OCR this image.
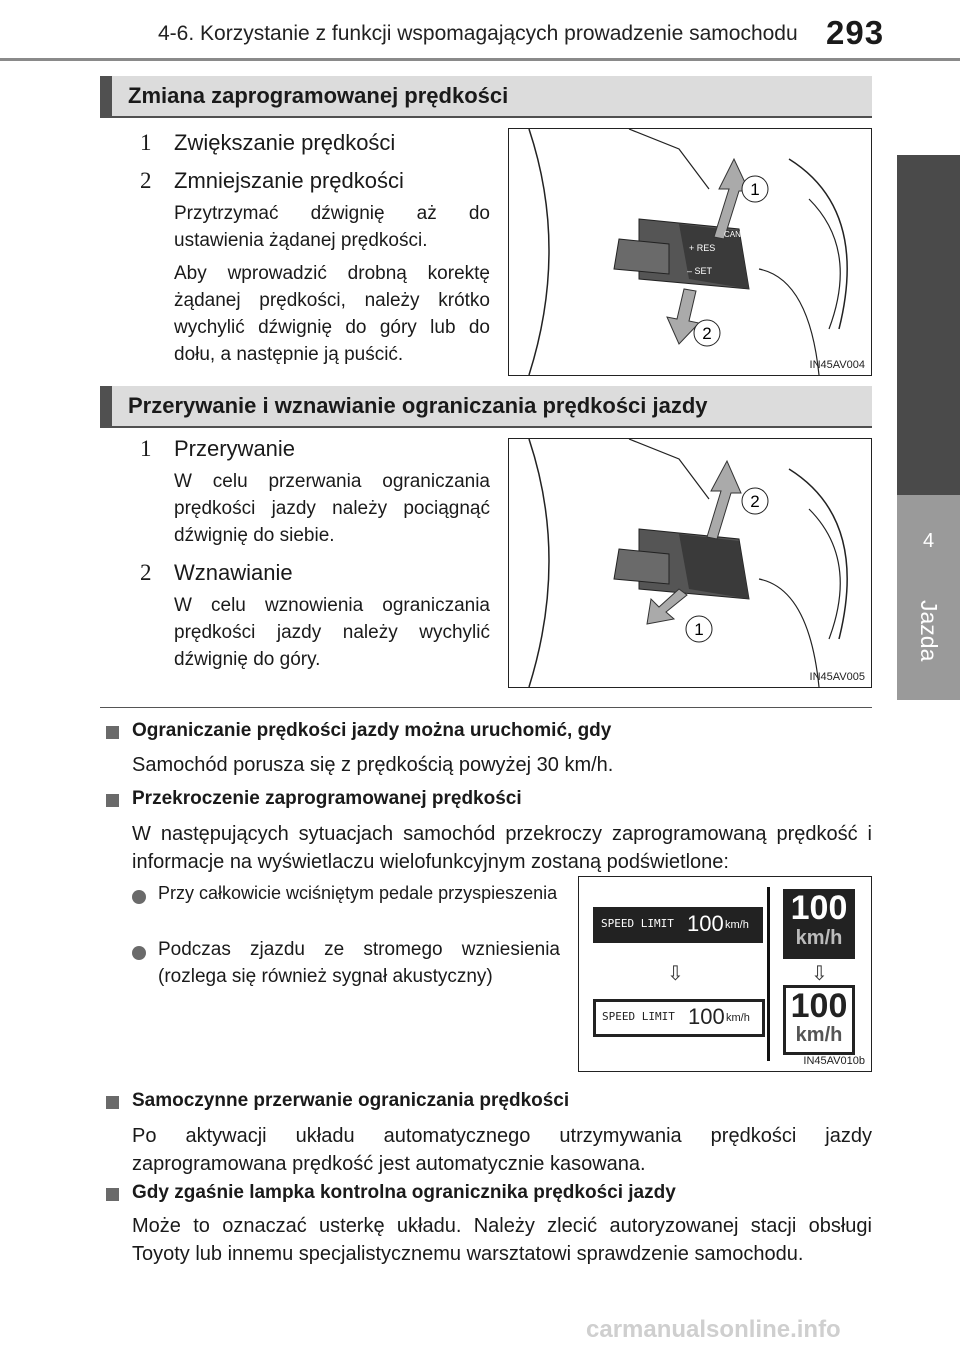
4-6. Korzystanie z funkcji wspomagających prowadzenie samochodu 293
4
Jazda
Zmiana zaprogramowanej prędkości
1	Zwiększanie prędkości
2	Zmniejszanie prędkości
Przytrzymać dźwignię aż do ustawienia żądanej prędkości.
Aby wprowadzić drobną korektę żądanej prędkości, należy krótko wychylić dźwignię do góry lub do dołu, a następnie ją puścić.
1
2
CANCEL
+ RES
– SET
IN45AV004
Przerywanie i wznawianie ograniczania prędkości jazdy
1	Przerywanie
W celu przerwania ograniczania prędkości jazdy należy pociągnąć dźwignię do siebie.
2	Wznawianie
W celu wznowienia ograniczania prędkości jazdy należy wychylić dźwignię do góry.
2
1
IN45AV005
Ograniczanie prędkości jazdy można uruchomić, gdy
Samochód porusza się z prędkością powyżej 30 km/h.
Przekroczenie zaprogramowanej prędkości
W następujących sytuacjach samochód przekroczy zaprogramowaną prędkość i informacje na wyświetlaczu wielofunkcyjnym zostaną podświetlone:
Przy całkowicie wciśniętym pedale przyspieszenia
Podczas zjazdu ze stromego wzniesienia (rozlega się również sygnał akustyczny)
SPEED LIMIT 100 km/h
⇩
SPEED LIMIT 100 km/h
100
km/h
⇩
100
km/h
IN45AV010b
Samoczynne przerwanie ograniczania prędkości
Po aktywacji układu automatycznego utrzymywania prędkości jazdy zaprogramowana prędkość jest automatycznie kasowana.
Gdy zgaśnie lampka kontrolna ogranicznika prędkości jazdy
Może to oznaczać usterkę układu. Należy zlecić autoryzowanej stacji obsługi Toyoty lub innemu specjalistycznemu warsztatowi sprawdzenie samochodu.
carmanualsonline.info
